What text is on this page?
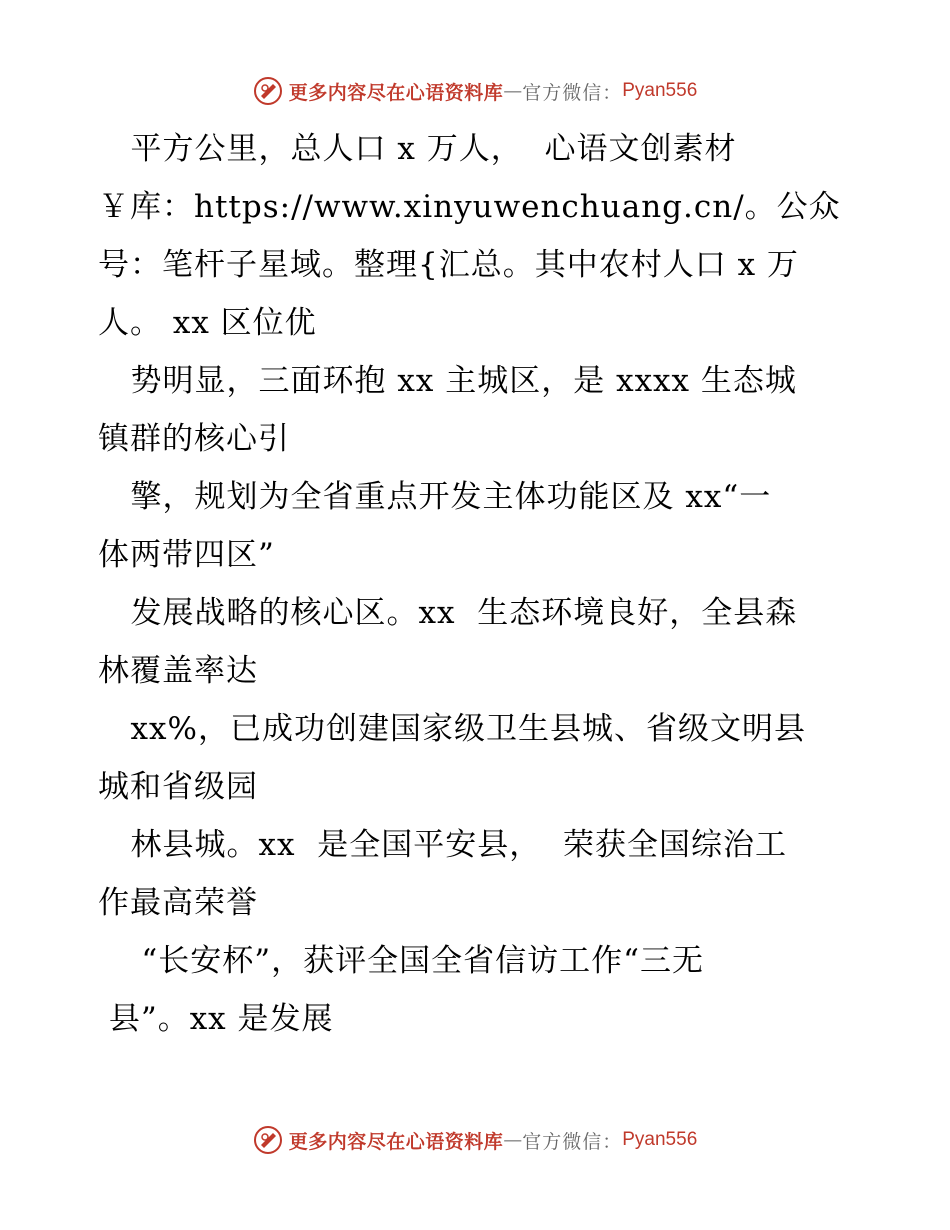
更多内容尽在心语资料库 — 官方微信： Pyan556
平方公里，总人口 x 万人，  心语文创素材
￥库：https://www.xinyuwenchuang.cn/。公众
号：笔杆子星域。整理{汇总。其中农村人口 x 万
人。 xx 区位优
势明显，三面环抱 xx 主城区，是 xxxx 生态城
镇群的核心引
擎，规划为全省重点开发主体功能区及 xx“一
体两带四区”
发展战略的核心区。xx  生态环境良好，全县森
林覆盖率达
xx%，已成功创建国家级卫生县城、省级文明县
城和省级园
林县城。xx  是全国平安县，  荣获全国综治工
作最高荣誉
“长安杯”，获评全国全省信访工作“三无
县”。xx 是发展
更多内容尽在心语资料库 — 官方微信： Pyan556
